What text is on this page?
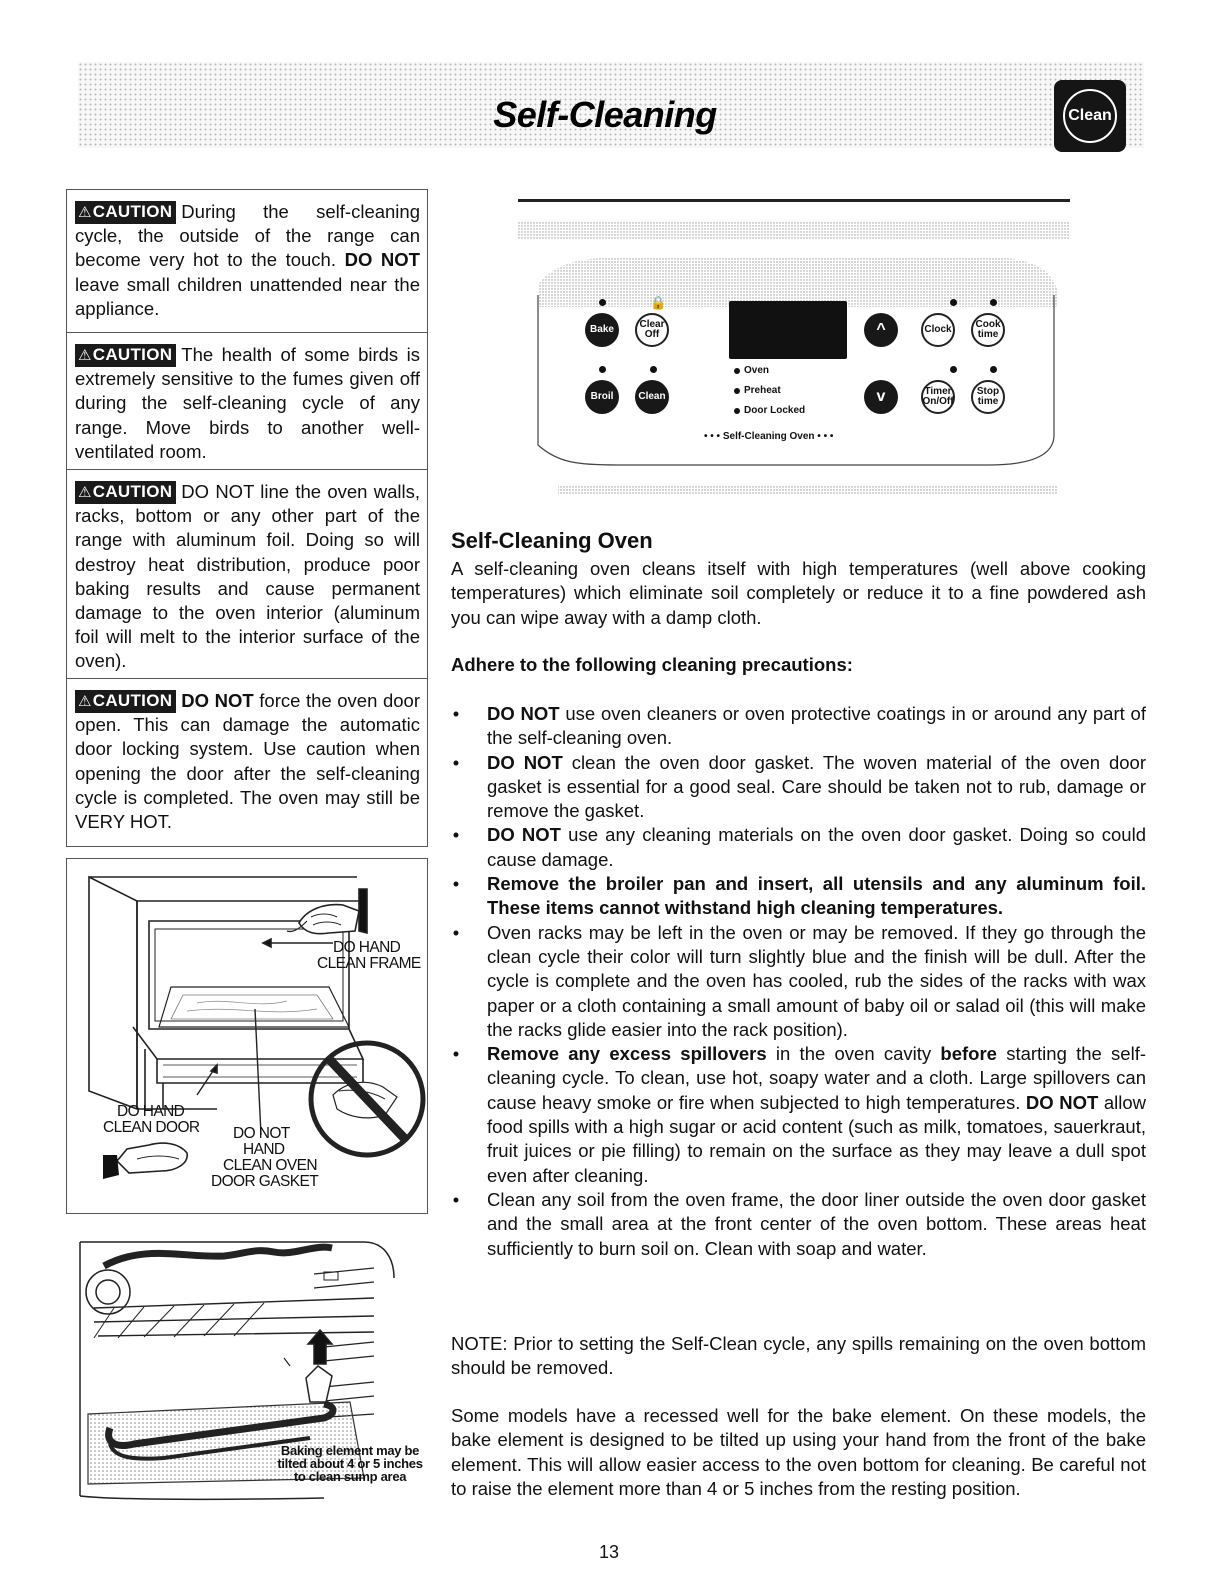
Self-Cleaning	Clean
⚠CAUTION During the self-cleaning cycle, the outside of the range can become very hot to the touch. DO NOT leave small children unattended near the appliance.
⚠CAUTION The health of some birds is extremely sensitive to the fumes given off during the self-cleaning cycle of any range. Move birds to another well-ventilated room.
⚠CAUTION DO NOT line the oven walls, racks, bottom or any other part of the range with aluminum foil. Doing so will destroy heat distribution, produce poor baking results and cause permanent damage to the oven interior (aluminum foil will melt to the interior surface of the oven).
⚠CAUTION DO NOT force the oven door open. This can damage the automatic door locking system. Use caution when opening the door after the self-cleaning cycle is completed. The oven may still be VERY HOT.
DO HAND
CLEAN FRAME
DO HAND
CLEAN DOOR DO NOT
HAND
CLEAN OVEN
DOOR GASKET
Baking element may be
tilted about 4 or 5 inches
to clean sump area
🔒
Bake	Clear
Off
Broil Clean
Oven
Preheat
Door Locked
• • • Self-Cleaning Oven • • •
^
v
Clock Cook
time
Timer
On/Off
Stop
time
Self-Cleaning Oven
A self-cleaning oven cleans itself with high temperatures (well above cooking temperatures) which eliminate soil completely or reduce it to a fine powdered ash you can wipe away with a damp cloth.
Adhere to the following cleaning precautions:
• DO NOT use oven cleaners or oven protective coatings in or around any part of the self-cleaning oven.
• DO NOT clean the oven door gasket. The woven material of the oven door gasket is essential for a good seal. Care should be taken not to rub, damage or remove the gasket.
• DO NOT use any cleaning materials on the oven door gasket. Doing so could cause damage.
• Remove the broiler pan and insert, all utensils and any aluminum foil. These items cannot withstand high cleaning temperatures.
• Oven racks may be left in the oven or may be removed. If they go through the clean cycle their color will turn slightly blue and the finish will be dull. After the cycle is complete and the oven has cooled, rub the sides of the racks with wax paper or a cloth containing a small amount of baby oil or salad oil (this will make the racks glide easier into the rack position).
• Remove any excess spillovers in the oven cavity before starting the self-cleaning cycle. To clean, use hot, soapy water and a cloth. Large spillovers can cause heavy smoke or fire when subjected to high temperatures. DO NOT allow food spills with a high sugar or acid content (such as milk, tomatoes, sauerkraut, fruit juices or pie filling) to remain on the surface as they may leave a dull spot even after cleaning.
• Clean any soil from the oven frame, the door liner outside the oven door gasket and the small area at the front center of the oven bottom. These areas heat sufficiently to burn soil on. Clean with soap and water.
NOTE: Prior to setting the Self-Clean cycle, any spills remaining on the oven bottom should be removed.
Some models have a recessed well for the bake element. On these models, the bake element is designed to be tilted up using your hand from the front of the bake element. This will allow easier access to the oven bottom for cleaning. Be careful not to raise the element more than 4 or 5 inches from the resting position.
13
